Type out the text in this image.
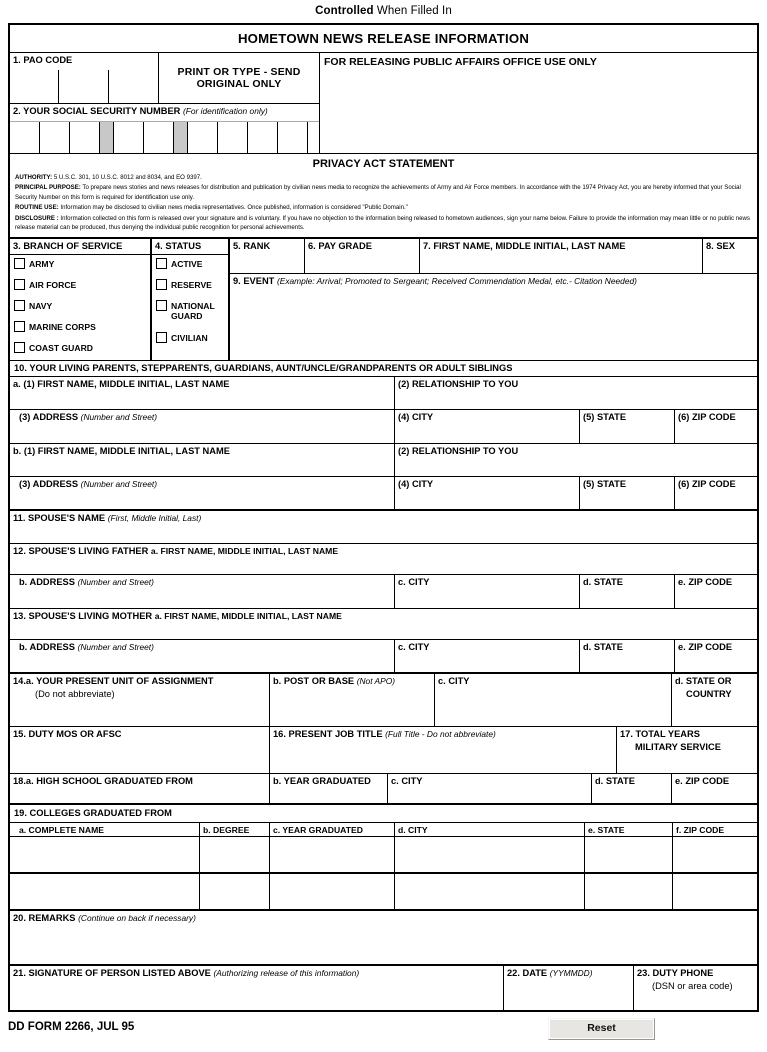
Controlled When Filled In
HOMETOWN NEWS RELEASE INFORMATION
1. PAO CODE
PRINT OR TYPE - SEND ORIGINAL ONLY
2. YOUR SOCIAL SECURITY NUMBER (For identification only)
FOR RELEASING PUBLIC AFFAIRS OFFICE USE ONLY
PRIVACY ACT STATEMENT

AUTHORITY: 5 U.S.C. 301, 10 U.S.C. 8012 and 8034, and EO 9397.

PRINCIPAL PURPOSE: To prepare news stories and news releases for distribution and publication by civilian news media to recognize the achievements of Army and Air Force members. In accordance with the 1974 Privacy Act, you are hereby informed that your Social Security Number on this form is required for identification use only.

ROUTINE USE: Information may be disclosed to civilian news media representatives. Once published, information is considered "Public Domain."

DISCLOSURE : Information collected on this form is released over your signature and is voluntary. If you have no objection to the information being released to hometown audiences, sign your name below. Failure to provide the information may mean little or no public news release material can be produced, thus denying the individual public recognition for personal achievements.

3. BRANCH OF SERVICE
ARMY
AIR FORCE
NAVY
MARINE CORPS
COAST GUARD
4. STATUS
ACTIVE
RESERVE
NATIONAL GUARD
CIVILIAN
5. RANK	6. PAY GRADE	7. FIRST NAME, MIDDLE INITIAL, LAST NAME	8. SEX
9. EVENT (Example: Arrival; Promoted to Sergeant; Received Commendation Medal, etc.- Citation Needed)
10. YOUR LIVING PARENTS, STEPPARENTS, GUARDIANS, AUNT/UNCLE/GRANDPARENTS OR ADULT SIBLINGS
a. (1) FIRST NAME, MIDDLE INITIAL, LAST NAME	(2) RELATIONSHIP TO YOU
(3) ADDRESS (Number and Street)	(4) CITY	(5) STATE	(6) ZIP CODE
b. (1) FIRST NAME, MIDDLE INITIAL, LAST NAME	(2) RELATIONSHIP TO YOU
(3) ADDRESS (Number and Street)	(4) CITY	(5) STATE	(6) ZIP CODE
11. SPOUSE'S NAME (First, Middle Initial, Last)
12. SPOUSE'S LIVING FATHER a. FIRST NAME, MIDDLE INITIAL, LAST NAME
b. ADDRESS (Number and Street)	c. CITY	d. STATE	e. ZIP CODE
13. SPOUSE'S LIVING MOTHER a. FIRST NAME, MIDDLE INITIAL, LAST NAME
b. ADDRESS (Number and Street)	c. CITY	d. STATE	e. ZIP CODE
14.a. YOUR PRESENT UNIT OF ASSIGNMENT
(Do not abbreviate)
b. POST OR BASE (Not APO)	c. CITY	d. STATE OR
COUNTRY
15. DUTY MOS OR AFSC	16. PRESENT JOB TITLE (Full Title - Do not abbreviate)	17. TOTAL YEARS
MILITARY SERVICE
18.a. HIGH SCHOOL GRADUATED FROM	b. YEAR GRADUATED	c. CITY	d. STATE	e. ZIP CODE
19. COLLEGES GRADUATED FROM
a. COMPLETE NAME	b. DEGREE	c. YEAR GRADUATED	d. CITY	e. STATE	f. ZIP CODE
20. REMARKS (Continue on back if necessary)
21. SIGNATURE OF PERSON LISTED ABOVE (Authorizing release of this information)	22. DATE (YYMMDD)	23. DUTY PHONE
(DSN or area code)
DD FORM 2266, JUL 95	Reset
